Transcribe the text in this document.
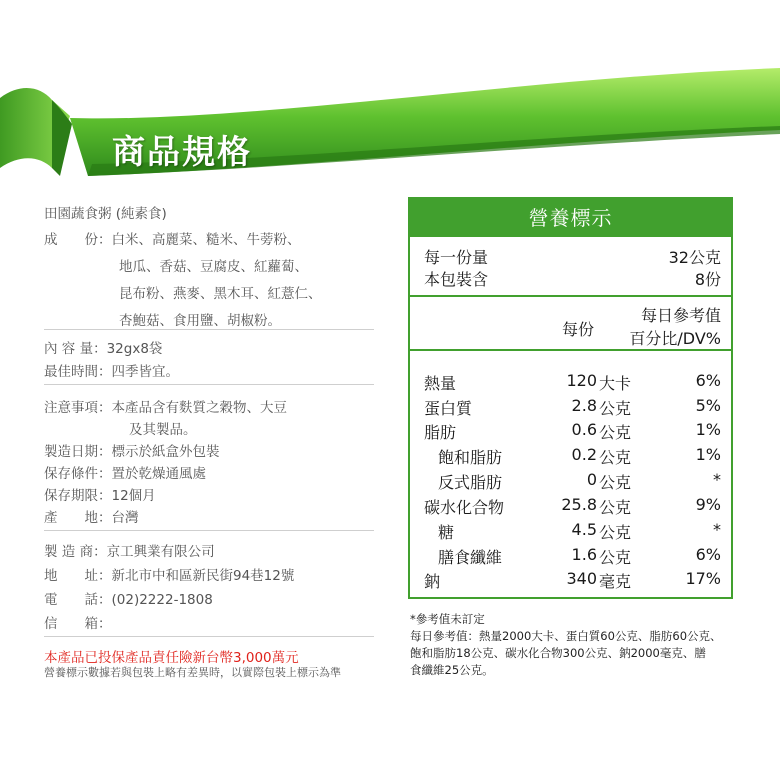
商品規格
田園蔬食粥 (純素食)
成　　份：白米、高麗菜、糙米、牛蒡粉、
地瓜、香菇、豆腐皮、紅蘿蔔、
昆布粉、燕麥、黑木耳、紅薏仁、
杏鮑菇、食用鹽、胡椒粉。
內 容 量：32gx8袋
最佳時間：四季皆宜。
注意事項：本產品含有麩質之穀物、大豆
及其製品。
製造日期：標示於紙盒外包裝
保存條件：置於乾燥通風處
保存期限：12個月
產　　地：台灣
製 造 商：京工興業有限公司
地　　址：新北市中和區新民街94巷12號
電　　話：(02)2222-1808
信　　箱：
本產品已投保產品責任險新台幣3,000萬元
營養標示數據若與包裝上略有差異時，以實際包裝上標示為準
營養標示
每一份量	32公克
本包裝含	8份
每份
每日參考值
百分比/DV%
熱量	120 大卡	6%
蛋白質	2.8 公克	5%
脂肪	0.6 公克	1%
飽和脂肪	0.2 公克	1%
反式脂肪	0 公克	*
碳水化合物	25.8 公克	9%
糖	4.5 公克	*
膳食纖維	1.6 公克	6%
鈉	340 毫克	17%
*參考值未訂定
每日參考值：熱量2000大卡、蛋白質60公克、脂肪60公克、
飽和脂肪18公克、碳水化合物300公克、鈉2000毫克、膳
食纖維25公克。
